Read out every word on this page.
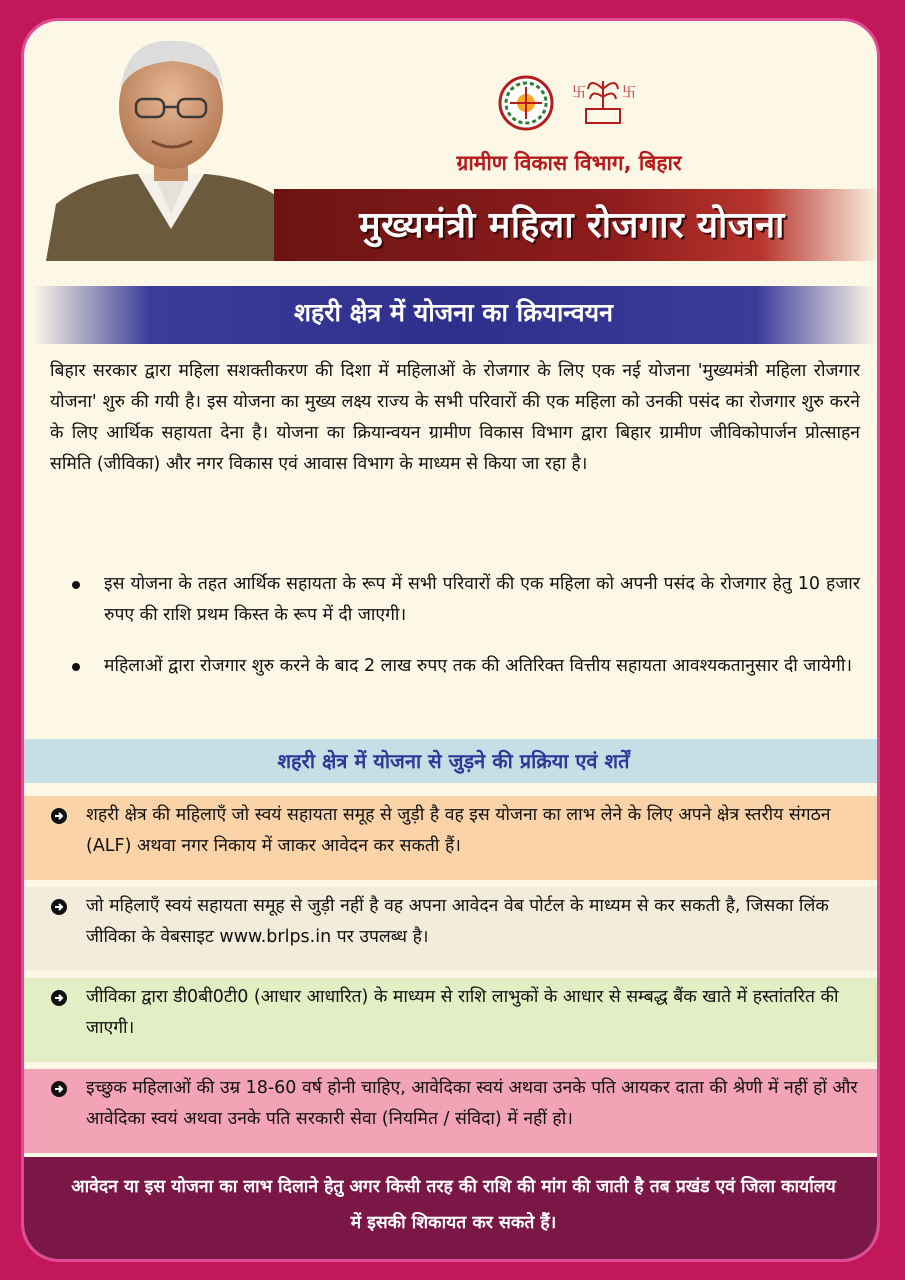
卐	卐
ग्रामीण विकास विभाग, बिहार
मुख्यमंत्री महिला रोजगार योजना
शहरी क्षेत्र में योजना का क्रियान्वयन

बिहार सरकार द्वारा महिला सशक्तीकरण की दिशा में महिलाओं के रोजगार के लिए एक नई योजना 'मुख्यमंत्री महिला रोजगार योजना' शुरु की गयी है। इस योजना का मुख्य लक्ष्य राज्य के सभी परिवारों की एक महिला को उनकी पसंद का रोजगार शुरु करने के लिए आर्थिक सहायता देना है। योजना का क्रियान्वयन ग्रामीण विकास विभाग द्वारा बिहार ग्रामीण जीविकोपार्जन प्रोत्साहन समिति (जीविका) और नगर विकास एवं आवास विभाग के माध्यम से किया जा रहा है।

इस योजना के तहत आर्थिक सहायता के रूप में सभी परिवारों की एक महिला को अपनी पसंद के रोजगार हेतु 10 हजार रुपए की राशि प्रथम किस्त के रूप में दी जाएगी।
महिलाओं द्वारा रोजगार शुरु करने के बाद 2 लाख रुपए तक की अतिरिक्त वित्तीय सहायता आवश्यकतानुसार दी जायेगी।
शहरी क्षेत्र में योजना से जुड़ने की प्रक्रिया एवं शर्तें
शहरी क्षेत्र की महिलाएँ जो स्वयं सहायता समूह से जुड़ी है वह इस योजना का लाभ लेने के लिए अपने क्षेत्र स्तरीय संगठन (ALF) अथवा नगर निकाय में जाकर आवेदन कर सकती हैं।
जो महिलाएँ स्वयं सहायता समूह से जुड़ी नहीं है वह अपना आवेदन वेब पोर्टल के माध्यम से कर सकती है, जिसका लिंक जीविका के वेबसाइट www.brlps.in पर उपलब्ध है।
जीविका द्वारा डी0बी0टी0 (आधार आधारित) के माध्यम से राशि लाभुकों के आधार से सम्बद्ध बैंक खाते में हस्तांतरित की जाएगी।
इच्छुक महिलाओं की उम्र 18-60 वर्ष होनी चाहिए, आवेदिका स्वयं अथवा उनके पति आयकर दाता की श्रेणी में नहीं हों और आवेदिका स्वयं अथवा उनके पति सरकारी सेवा (नियमित / संविदा) में नहीं हो।
आवेदन या इस योजना का लाभ दिलाने हेतु अगर किसी तरह की राशि की मांग की जाती है तब प्रखंड एवं जिला कार्यालय में इसकी शिकायत कर सकते हैं।
